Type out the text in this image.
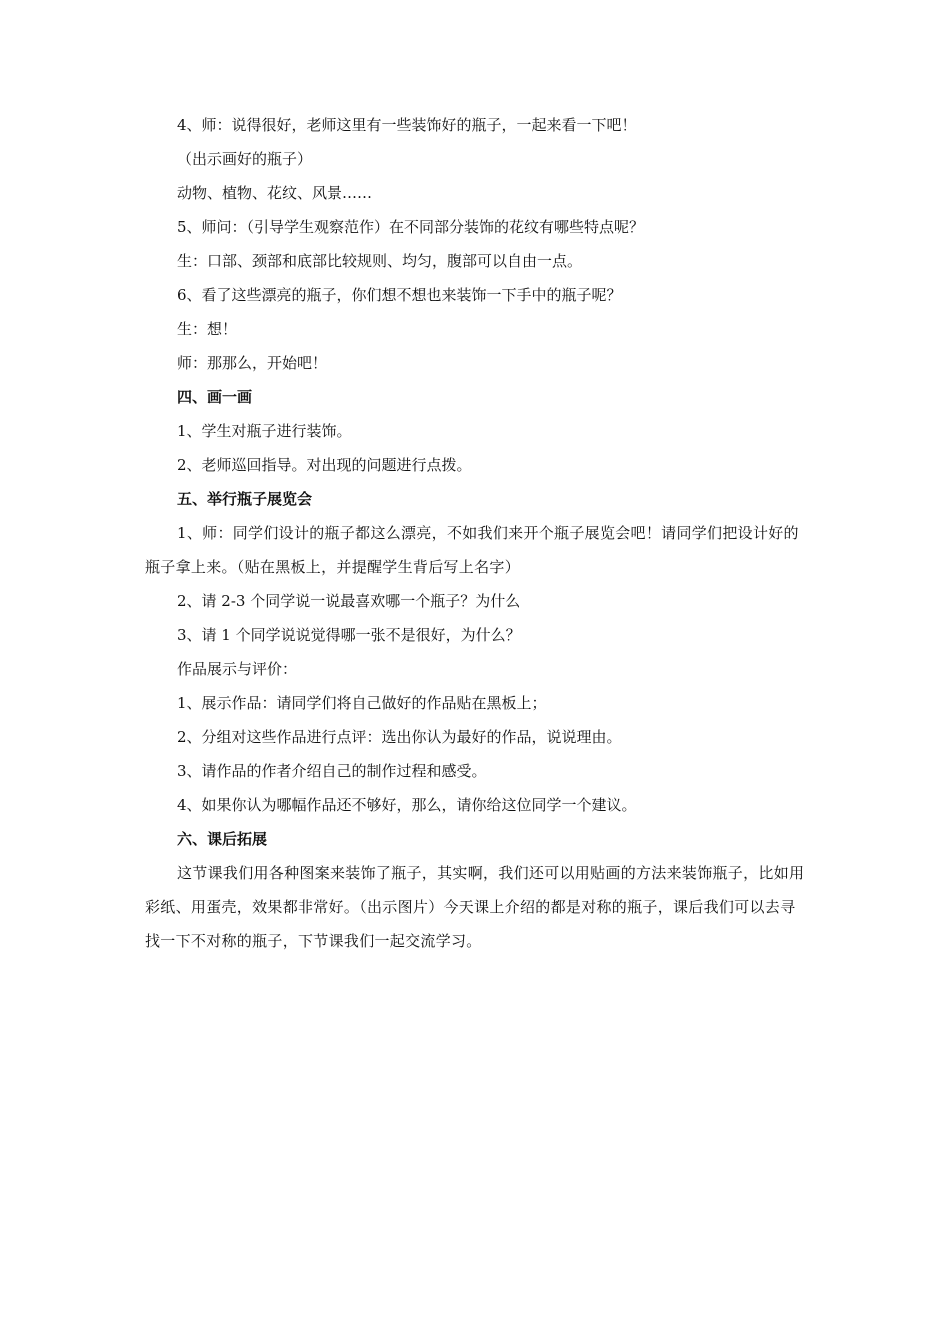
4、师：说得很好，老师这里有一些装饰好的瓶子，一起来看一下吧！

（出示画好的瓶子）

动物、植物、花纹、风景……

5、师问：（引导学生观察范作）在不同部分装饰的花纹有哪些特点呢？

生：口部、颈部和底部比较规则、均匀，腹部可以自由一点。

6、看了这些漂亮的瓶子，你们想不想也来装饰一下手中的瓶子呢？

生：想！

师：那那么，开始吧！

四、画一画

1、学生对瓶子进行装饰。

2、老师巡回指导。对出现的问题进行点拨。

五、举行瓶子展览会

1、师：同学们设计的瓶子都这么漂亮，不如我们来开个瓶子展览会吧！请同学们把设计好的瓶子拿上来。（贴在黑板上，并提醒学生背后写上名字）

2、请 2-3 个同学说一说最喜欢哪一个瓶子？为什么

3、请 1 个同学说说觉得哪一张不是很好，为什么？

作品展示与评价：

1、展示作品：请同学们将自己做好的作品贴在黑板上；

2、分组对这些作品进行点评：选出你认为最好的作品，说说理由。

3、请作品的作者介绍自己的制作过程和感受。

4、如果你认为哪幅作品还不够好，那么，请你给这位同学一个建议。

六、课后拓展

这节课我们用各种图案来装饰了瓶子，其实啊，我们还可以用贴画的方法来装饰瓶子，比如用彩纸、用蛋壳，效果都非常好。（出示图片）今天课上介绍的都是对称的瓶子，课后我们可以去寻找一下不对称的瓶子，下节课我们一起交流学习。
